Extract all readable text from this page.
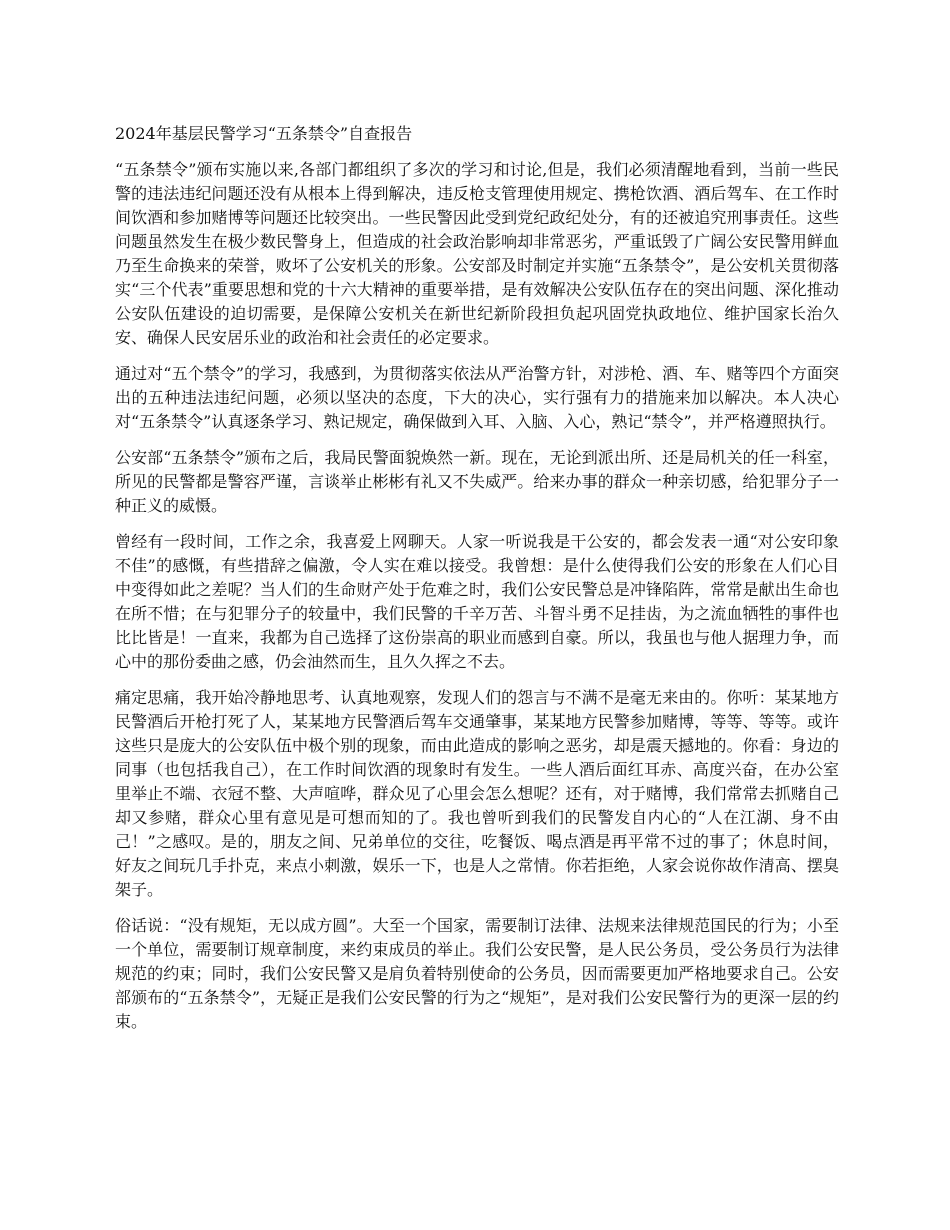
2024年基层民警学习“五条禁令”自查报告

“五条禁令”颁布实施以来,各部门都组织了多次的学习和讨论,但是，我们必须清醒地看到，当前一些民警的违法违纪问题还没有从根本上得到解决，违反枪支管理使用规定、携枪饮酒、酒后驾车、在工作时间饮酒和参加赌博等问题还比较突出。一些民警因此受到党纪政纪处分，有的还被追究刑事责任。这些问题虽然发生在极少数民警身上，但造成的社会政治影响却非常恶劣，严重诋毁了广阔公安民警用鲜血乃至生命换来的荣誉，败坏了公安机关的形象。公安部及时制定并实施“五条禁令”，是公安机关贯彻落实“三个代表”重要思想和党的十六大精神的重要举措，是有效解决公安队伍存在的突出问题、深化推动公安队伍建设的迫切需要，是保障公安机关在新世纪新阶段担负起巩固党执政地位、维护国家长治久安、确保人民安居乐业的政治和社会责任的必定要求。

通过对“五个禁令”的学习，我感到，为贯彻落实依法从严治警方针，对涉枪、酒、车、赌等四个方面突出的五种违法违纪问题，必须以坚决的态度，下大的决心，实行强有力的措施来加以解决。本人决心对“五条禁令”认真逐条学习、熟记规定，确保做到入耳、入脑、入心，熟记“禁令”，并严格遵照执行。

公安部“五条禁令”颁布之后，我局民警面貌焕然一新。现在，无论到派出所、还是局机关的任一科室，所见的民警都是警容严谨，言谈举止彬彬有礼又不失威严。给来办事的群众一种亲切感，给犯罪分子一种正义的威慑。

曾经有一段时间，工作之余，我喜爱上网聊天。人家一听说我是干公安的，都会发表一通“对公安印象不佳”的感慨，有些措辞之偏激，令人实在难以接受。我曾想：是什么使得我们公安的形象在人们心目中变得如此之差呢？当人们的生命财产处于危难之时，我们公安民警总是冲锋陷阵，常常是献出生命也在所不惜；在与犯罪分子的较量中，我们民警的千辛万苦、斗智斗勇不足挂齿，为之流血牺牲的事件也比比皆是！一直来，我都为自己选择了这份崇高的职业而感到自豪。所以，我虽也与他人据理力争，而心中的那份委曲之感，仍会油然而生，且久久挥之不去。

痛定思痛，我开始冷静地思考、认真地观察，发现人们的怨言与不满不是毫无来由的。你听：某某地方民警酒后开枪打死了人，某某地方民警酒后驾车交通肇事，某某地方民警参加赌博，等等、等等。或许这些只是庞大的公安队伍中极个别的现象，而由此造成的影响之恶劣，却是震天撼地的。你看：身边的同事（也包括我自己），在工作时间饮酒的现象时有发生。一些人酒后面红耳赤、高度兴奋，在办公室里举止不端、衣冠不整、大声喧哗，群众见了心里会怎么想呢？还有，对于赌博，我们常常去抓赌自己却又参赌，群众心里有意见是可想而知的了。我也曾听到我们的民警发自内心的“人在江湖、身不由己！”之感叹。是的，朋友之间、兄弟单位的交往，吃餐饭、喝点酒是再平常不过的事了；休息时间，好友之间玩几手扑克，来点小刺激，娱乐一下，也是人之常情。你若拒绝，人家会说你故作清高、摆臭架子。

俗话说：“没有规矩，无以成方圆”。大至一个国家，需要制订法律、法规来法律规范国民的行为；小至一个单位，需要制订规章制度，来约束成员的举止。我们公安民警，是人民公务员，受公务员行为法律规范的约束；同时，我们公安民警又是肩负着特别使命的公务员，因而需要更加严格地要求自己。公安部颁布的“五条禁令”，无疑正是我们公安民警的行为之“规矩”，是对我们公安民警行为的更深一层的约束。
